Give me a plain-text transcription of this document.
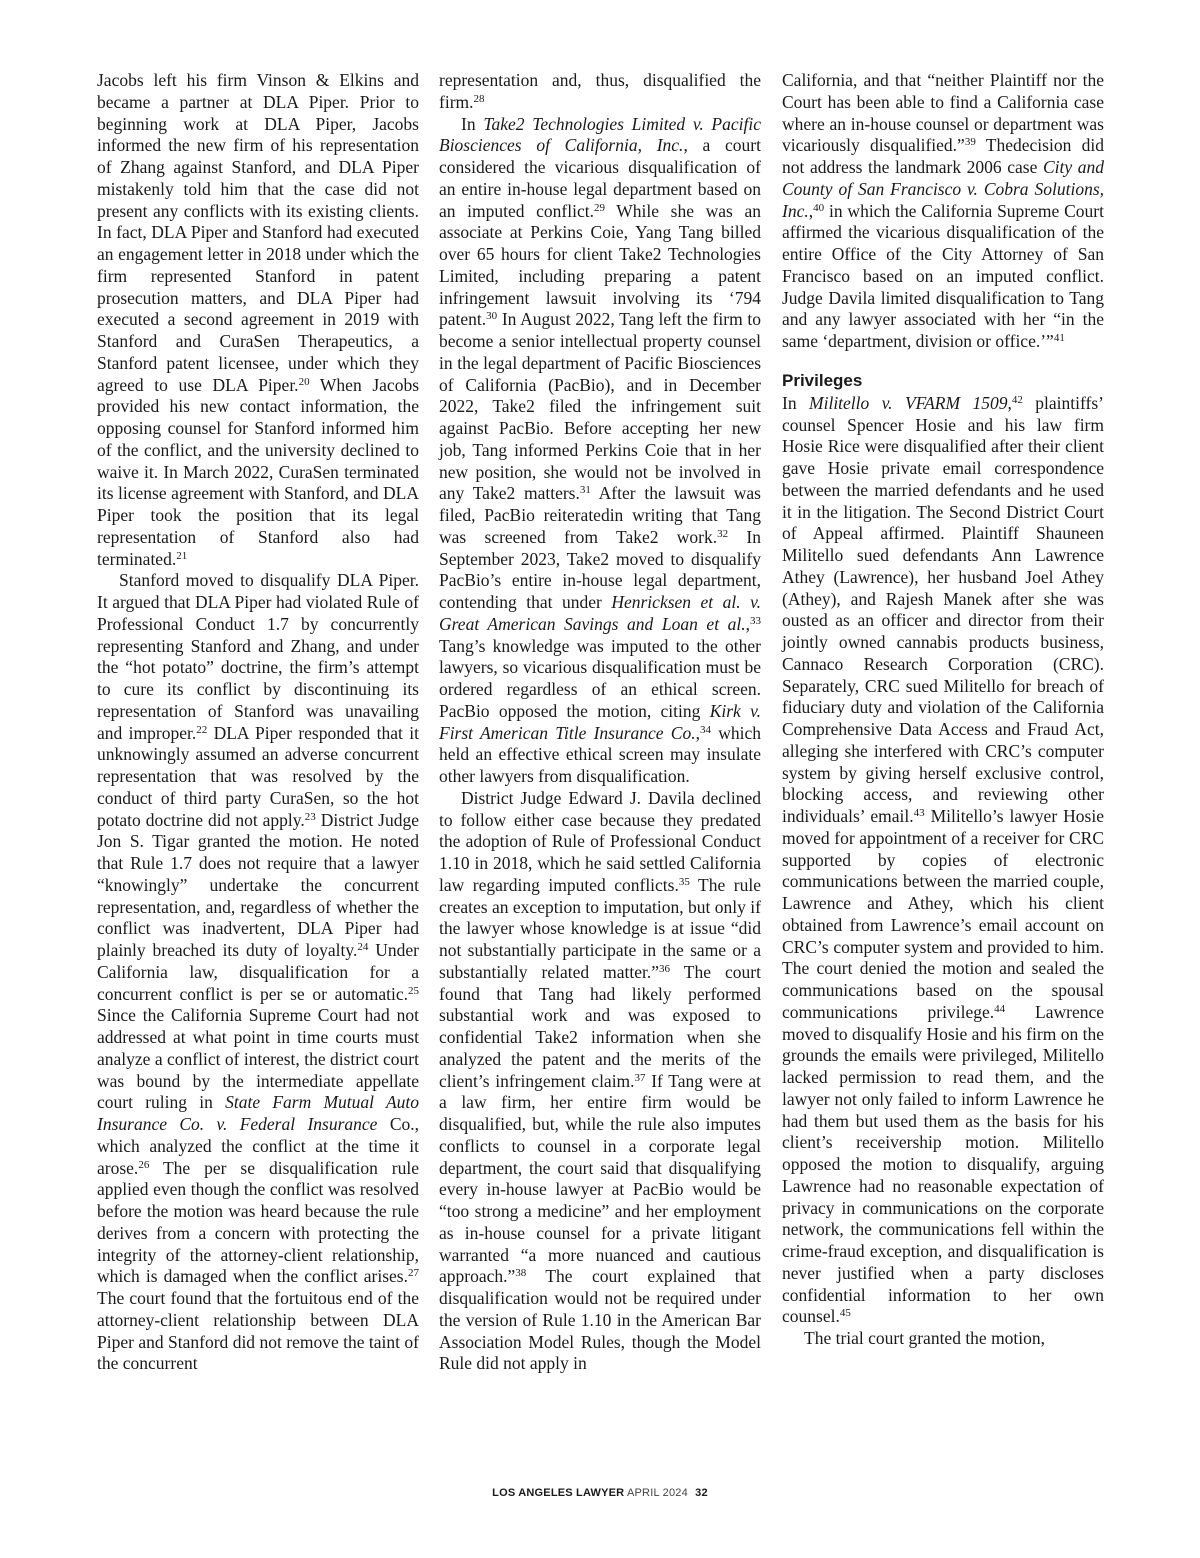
Jacobs left his firm Vinson & Elkins and became a partner at DLA Piper. Prior to beginning work at DLA Piper, Jacobs informed the new firm of his representation of Zhang against Stanford, and DLA Piper mistakenly told him that the case did not present any conflicts with its existing clients. In fact, DLA Piper and Stanford had executed an engagement letter in 2018 under which the firm represented Stanford in patent prosecution matters, and DLA Piper had executed a second agreement in 2019 with Stanford and CuraSen Therapeutics, a Stanford patent licensee, under which they agreed to use DLA Piper.$^{20}$ When Jacobs provided his new contact information, the opposing counsel for Stanford informed him of the conflict, and the university declined to waive it. In March 2022, CuraSen terminated its license agreement with Stanford, and DLA Piper took the position that its legal representation of Stanford also had terminated.$^{21}$

Stanford moved to disqualify DLA Piper. It argued that DLA Piper had violated Rule of Professional Conduct 1.7 by concurrently representing Stanford and Zhang, and under the “hot potato” doctrine, the firm’s attempt to cure its conflict by discontinuing its representation of Stanford was unavailing and improper.$^{22}$ DLA Piper responded that it unknowingly assumed an adverse concurrent representation that was resolved by the conduct of third party CuraSen, so the hot potato doctrine did not apply.$^{23}$ District Judge Jon S. Tigar granted the motion. He noted that Rule 1.7 does not require that a lawyer “knowingly” undertake the concurrent representation, and, regardless of whether the conflict was inadvertent, DLA Piper had plainly breached its duty of loyalty.$^{24}$ Under California law, disqualification for a concurrent conflict is per se or automatic.$^{25}$ Since the California Supreme Court had not addressed at what point in time courts must analyze a conflict of interest, the district court was bound by the intermediate appellate court ruling in State Farm Mutual Auto Insurance Co. v. Federal Insurance Co., which analyzed the conflict at the time it arose.$^{26}$ The per se disqualification rule applied even though the conflict was resolved before the motion was heard because the rule derives from a concern with protecting the integrity of the attorney-client relationship, which is damaged when the conflict arises.$^{27}$ The court found that the fortuitous end of the attorney-client relationship between DLA Piper and Stanford did not remove the taint of the concurrent

representation and, thus, disqualified the firm.$^{28}$

In Take2 Technologies Limited v. Pacific Biosciences of California, Inc., a court considered the vicarious disqualification of an entire in-house legal department based on an imputed conflict.$^{29}$ While she was an associate at Perkins Coie, Yang Tang billed over 65 hours for client Take2 Technologies Limited, including preparing a patent infringement lawsuit involving its ‘794 patent.$^{30}$ In August 2022, Tang left the firm to become a senior intellectual property counsel in the legal department of Pacific Biosciences of California (PacBio), and in December 2022, Take2 filed the infringement suit against PacBio. Before accepting her new job, Tang informed Perkins Coie that in her new position, she would not be involved in any Take2 matters.$^{31}$ After the lawsuit was filed, PacBio reiteratedin writing that Tang was screened from Take2 work.$^{32}$ In September 2023, Take2 moved to disqualify PacBio’s entire in-house legal department, contending that under Henricksen et al. v. Great American Savings and Loan et al.,$^{33}$ Tang’s knowledge was imputed to the other lawyers, so vicarious disqualification must be ordered regardless of an ethical screen. PacBio opposed the motion, citing Kirk v. First American Title Insurance Co.,$^{34}$ which held an effective ethical screen may insulate other lawyers from disqualification.

District Judge Edward J. Davila declined to follow either case because they predated the adoption of Rule of Professional Conduct 1.10 in 2018, which he said settled California law regarding imputed conflicts.$^{35}$ The rule creates an exception to imputation, but only if the lawyer whose knowledge is at issue “did not substantially participate in the same or a substantially related matter.”$^{36}$ The court found that Tang had likely performed substantial work and was exposed to confidential Take2 information when she analyzed the patent and the merits of the client’s infringement claim.$^{37}$ If Tang were at a law firm, her entire firm would be disqualified, but, while the rule also imputes conflicts to counsel in a corporate legal department, the court said that disqualifying every in-house lawyer at PacBio would be “too strong a medicine” and her employment as in-house counsel for a private litigant warranted “a more nuanced and cautious approach.”$^{38}$ The court explained that disqualification would not be required under the version of Rule 1.10 in the American Bar Association Model Rules, though the Model Rule did not apply in

California, and that “neither Plaintiff nor the Court has been able to find a California case where an in-house counsel or department was vicariously disqualified.”$^{39}$ Thedecision did not address the landmark 2006 case City and County of San Francisco v. Cobra Solutions, Inc.,$^{40}$ in which the California Supreme Court affirmed the vicarious disqualification of the entire Office of the City Attorney of San Francisco based on an imputed conflict. Judge Davila limited disqualification to Tang and any lawyer associated with her “in the same ‘department, division or office.’”$^{41}$

Privileges

In Militello v. VFARM 1509,42 plaintiffs’ counsel Spencer Hosie and his law firm Hosie Rice were disqualified after their client gave Hosie private email correspondence between the married defendants and he used it in the litigation. The Second District Court of Appeal affirmed. Plaintiff Shauneen Militello sued defendants Ann Lawrence Athey (Lawrence), her husband Joel Athey (Athey), and Rajesh Manek after she was ousted as an officer and director from their jointly owned cannabis products business, Cannaco Research Corporation (CRC). Separately, CRC sued Militello for breach of fiduciary duty and violation of the California Comprehensive Data Access and Fraud Act, alleging she interfered with CRC’s computer system by giving herself exclusive control, blocking access, and reviewing other individuals’ email.$^{43}$ Militello’s lawyer Hosie moved for appointment of a receiver for CRC supported by copies of electronic communications between the married couple, Lawrence and Athey, which his client obtained from Lawrence’s email account on CRC’s computer system and provided to him. The court denied the motion and sealed the communications based on the spousal communications privilege.$^{44}$ Lawrence moved to disqualify Hosie and his firm on the grounds the emails were privileged, Militello lacked permission to read them, and the lawyer not only failed to inform Lawrence he had them but used them as the basis for his client’s receivership motion. Militello opposed the motion to disqualify, arguing Lawrence had no reasonable expectation of privacy in communications on the corporate network, the communications fell within the crime-fraud exception, and disqualification is never justified when a party discloses confidential information to her own counsel.$^{45}$

The trial court granted the motion,

LOS ANGELES LAWYER APRIL 2024 32
